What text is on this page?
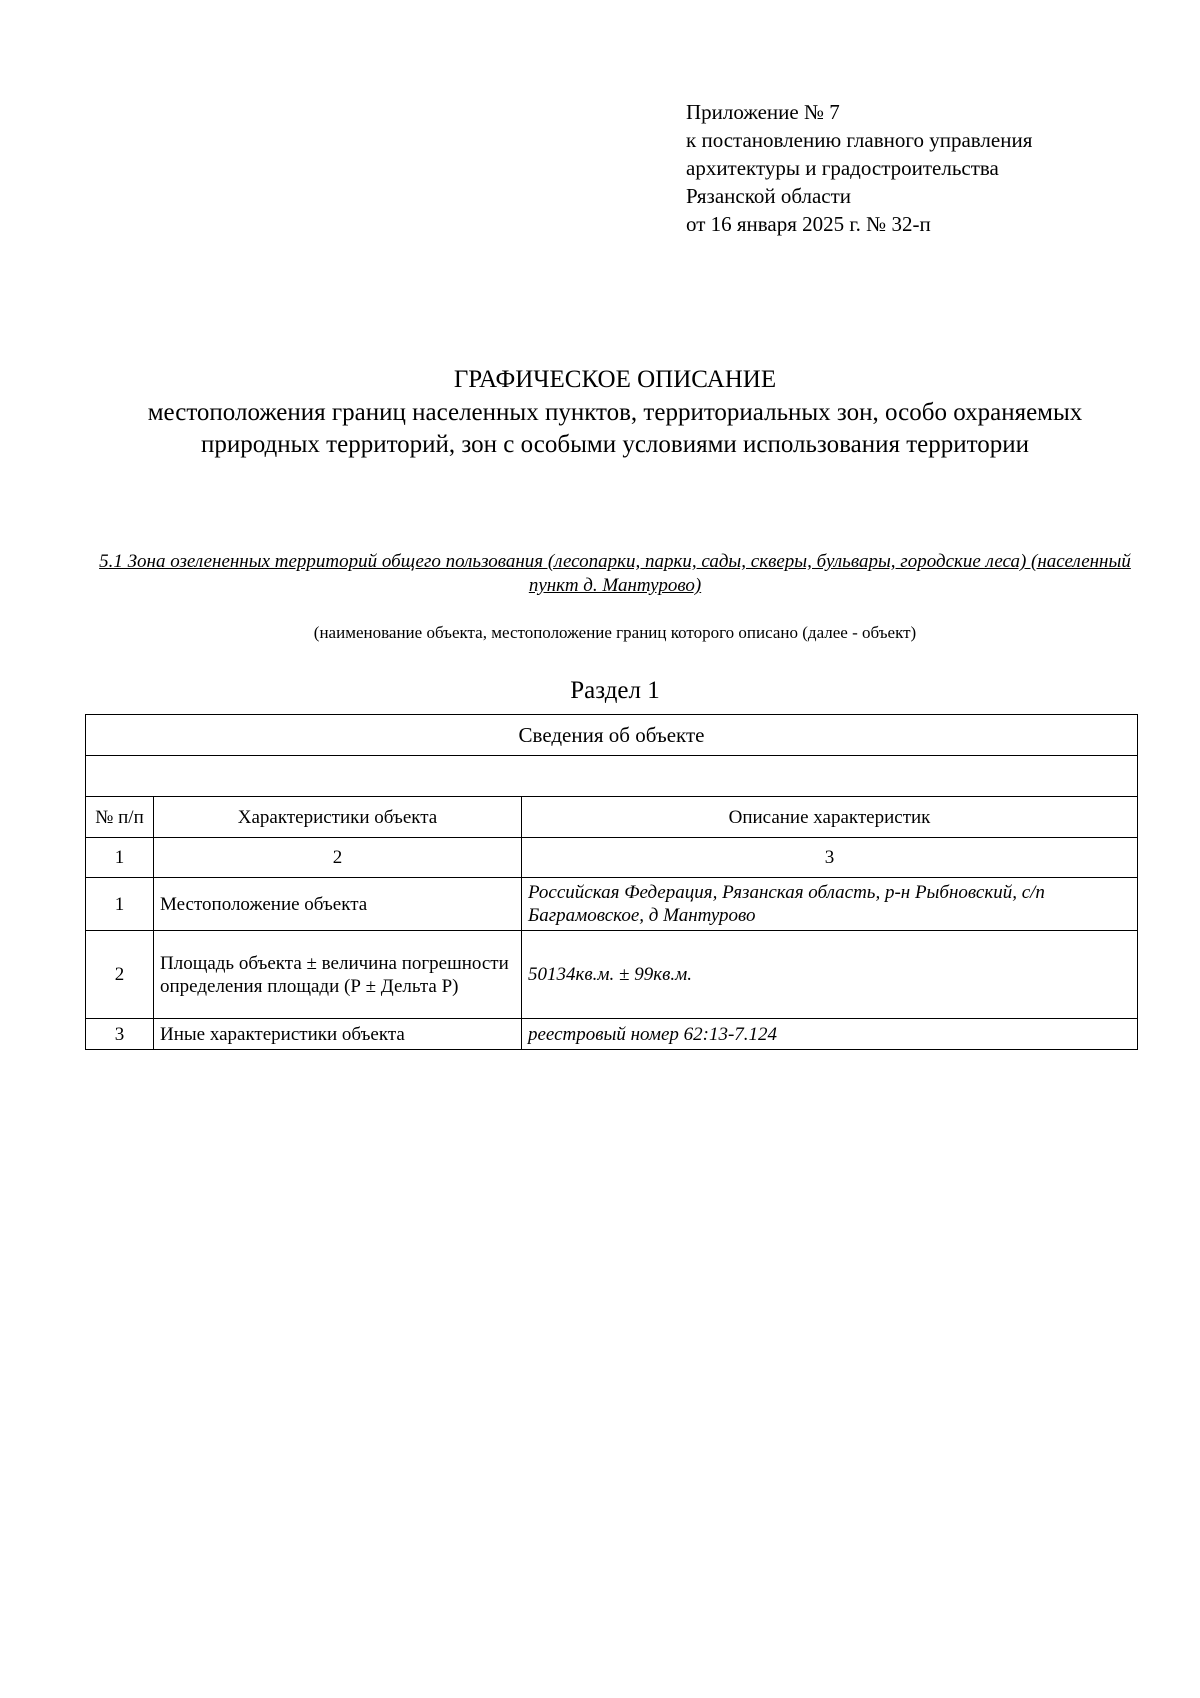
Приложение № 7
к постановлению главного управления
архитектуры и градостроительства
Рязанской области
от 16 января 2025 г. № 32-п
ГРАФИЧЕСКОЕ ОПИСАНИЕ
местоположения границ населенных пунктов, территориальных зон, особо охраняемых природных территорий, зон с особыми условиями использования территории
5.1 Зона озелененных территорий общего пользования (лесопарки, парки, сады, скверы, бульвары, городские леса) (населенный пункт д. Мантурово)
(наименование объекта, местоположение границ которого описано (далее - объект)
Раздел 1
Сведения об объекте		

№ п/п	Характеристики объекта	Описание характеристик
1	2	3
1	Местоположение объекта	Российская Федерация, Рязанская область, р-н Рыбновский, с/п Баграмовское, д Мантурово
2	Площадь объекта ± величина погрешности определения площади (Р ± Дельта Р)	50134кв.м. ± 99кв.м.
3	Иные характеристики объекта	реестровый номер 62:13-7.124
